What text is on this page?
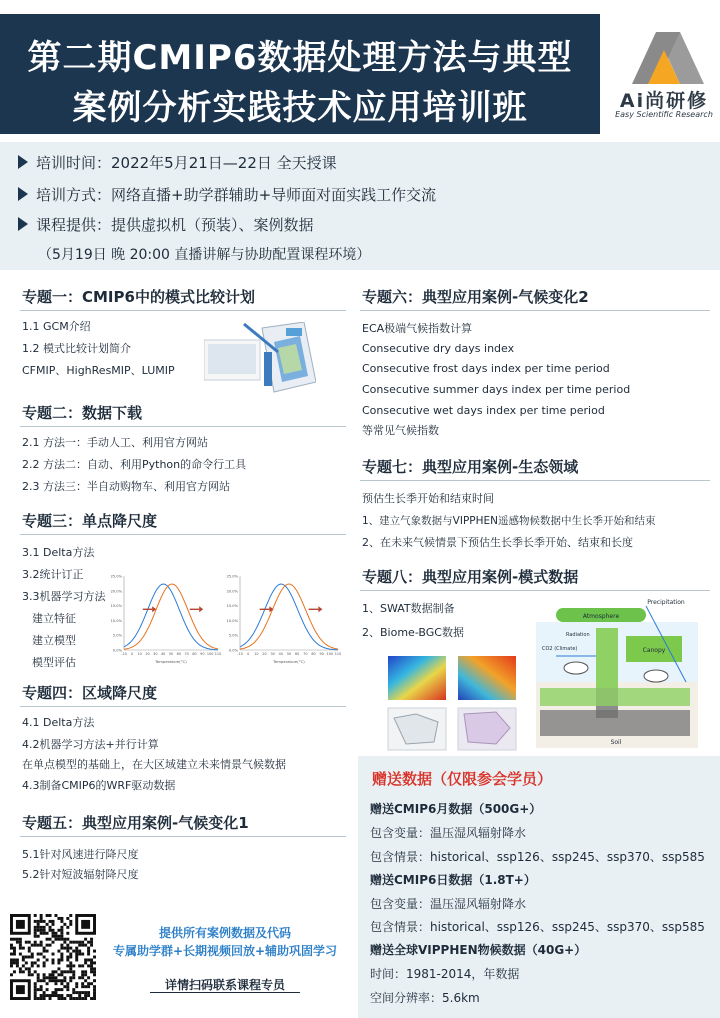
第二期CMIP6数据处理方法与典型
案例分析实践技术应用培训班	Ai尚研修
Easy Scientific Research
培训时间：2022年5月21日—22日 全天授课
培训方式：网络直播+助学群辅助+导师面对面实践工作交流
课程提供：提供虚拟机（预装）、案例数据
（5月19日 晚 20:00 直播讲解与协助配置课程环境）
专题一：CMIP6中的模式比较计划
1.1 GCM介绍
1.2 模式比较计划简介
CFMIP、HighResMIP、LUMIP
专题二：数据下载
2.1 方法一：手动人工、利用官方网站
2.2 方法二：自动、利用Python的命令行工具
2.3 方法三：半自动购物车、利用官方网站
专题三：单点降尺度
3.1 Delta方法
3.2统计订正
3.3机器学习方法
建立特征
建立模型
模型评估
25.0%
20.0%
15.0%
10.0%
5.0%
0.0%
-10 0 10 20 30 40 50 60 70 80 90 100 110
Temperature(°C)
25.0%
20.0%
15.0%
10.0%
5.0%
0.0%
-10 0 10 20 30 40 50 60 70 80 90 100 110
Temperature(°C)
专题四：区域降尺度
4.1 Delta方法
4.2机器学习方法+并行计算
在单点模型的基础上，在大区域建立未来情景气候数据
4.3制备CMIP6的WRF驱动数据
专题五：典型应用案例-气候变化1
5.1针对风速进行降尺度
5.2针对短波辐射降尺度
专题六：典型应用案例-气候变化2
ECA极端气候指数计算
Consecutive dry days index
Consecutive frost days index per time period
Consecutive summer days index per time period
Consecutive wet days index per time period
等常见气候指数
专题七：典型应用案例-生态领域
预估生长季开始和结束时间
1、建立气象数据与VIPPHEN遥感物候数据中生长季开始和结束
2、在未来气候情景下预估生长季长季开始、结束和长度
专题八：典型应用案例-模式数据
1、SWAT数据制备
2、Biome-BGC数据
Atmosphere
Precipitation
Radiation
CO2 (Climate)	Canopy
Soil
赠送数据（仅限参会学员）
赠送CMIP6月数据（500G+）
包含变量：温压湿风辐射降水
包含情景：historical、ssp126、ssp245、ssp370、ssp585
赠送CMIP6日数据（1.8T+）
包含变量：温压湿风辐射降水
包含情景：historical、ssp126、ssp245、ssp370、ssp585
赠送全球VIPPHEN物候数据（40G+）
时间：1981-2014，年数据
空间分辨率：5.6km
提供所有案例数据及代码
专属助学群+长期视频回放+辅助巩固学习
详情扫码联系课程专员
